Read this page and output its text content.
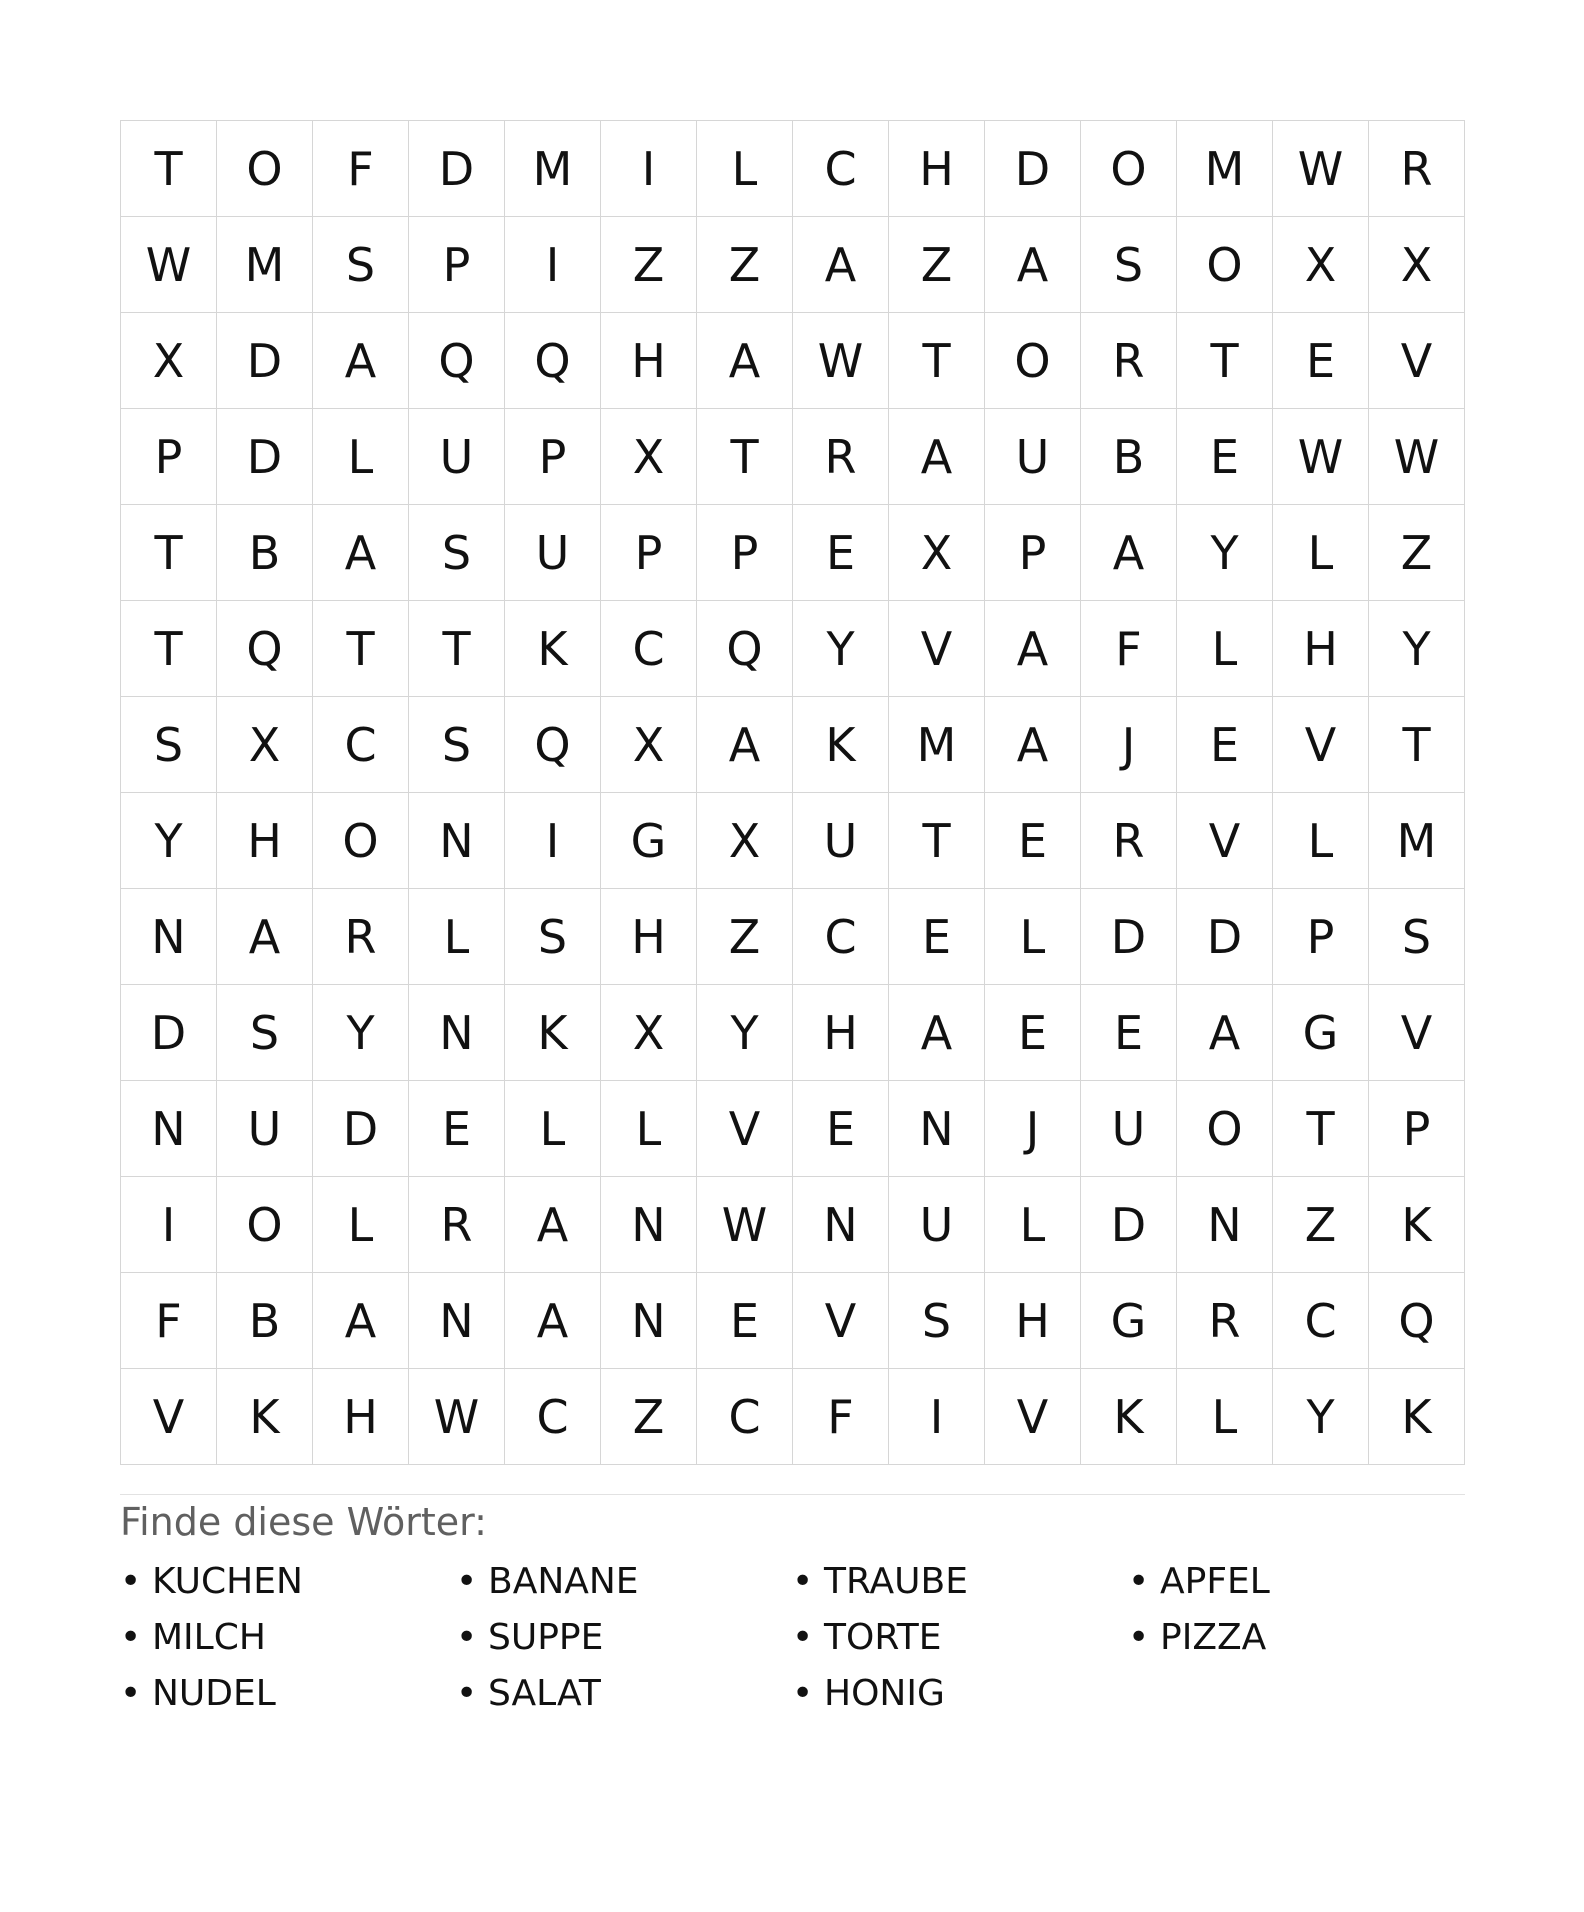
T	O	F	D	M	I	L	C	H	D	O	M	W	R
W	M	S	P	I	Z	Z	A	Z	A	S	O	X	X
X	D	A	Q	Q	H	A	W	T	O	R	T	E	V
P	D	L	U	P	X	T	R	A	U	B	E	W	W
T	B	A	S	U	P	P	E	X	P	A	Y	L	Z
T	Q	T	T	K	C	Q	Y	V	A	F	L	H	Y
S	X	C	S	Q	X	A	K	M	A	J	E	V	T
Y	H	O	N	I	G	X	U	T	E	R	V	L	M
N	A	R	L	S	H	Z	C	E	L	D	D	P	S
D	S	Y	N	K	X	Y	H	A	E	E	A	G	V
N	U	D	E	L	L	V	E	N	J	U	O	T	P
I	O	L	R	A	N	W	N	U	L	D	N	Z	K
F	B	A	N	A	N	E	V	S	H	G	R	C	Q
V	K	H	W	C	Z	C	F	I	V	K	L	Y	K
Finde diese Wörter:
• KUCHEN	• BANANE	• TRAUBE	• APFEL
• MILCH	• SUPPE	• TORTE	• PIZZA
• NUDEL	• SALAT	• HONIG
